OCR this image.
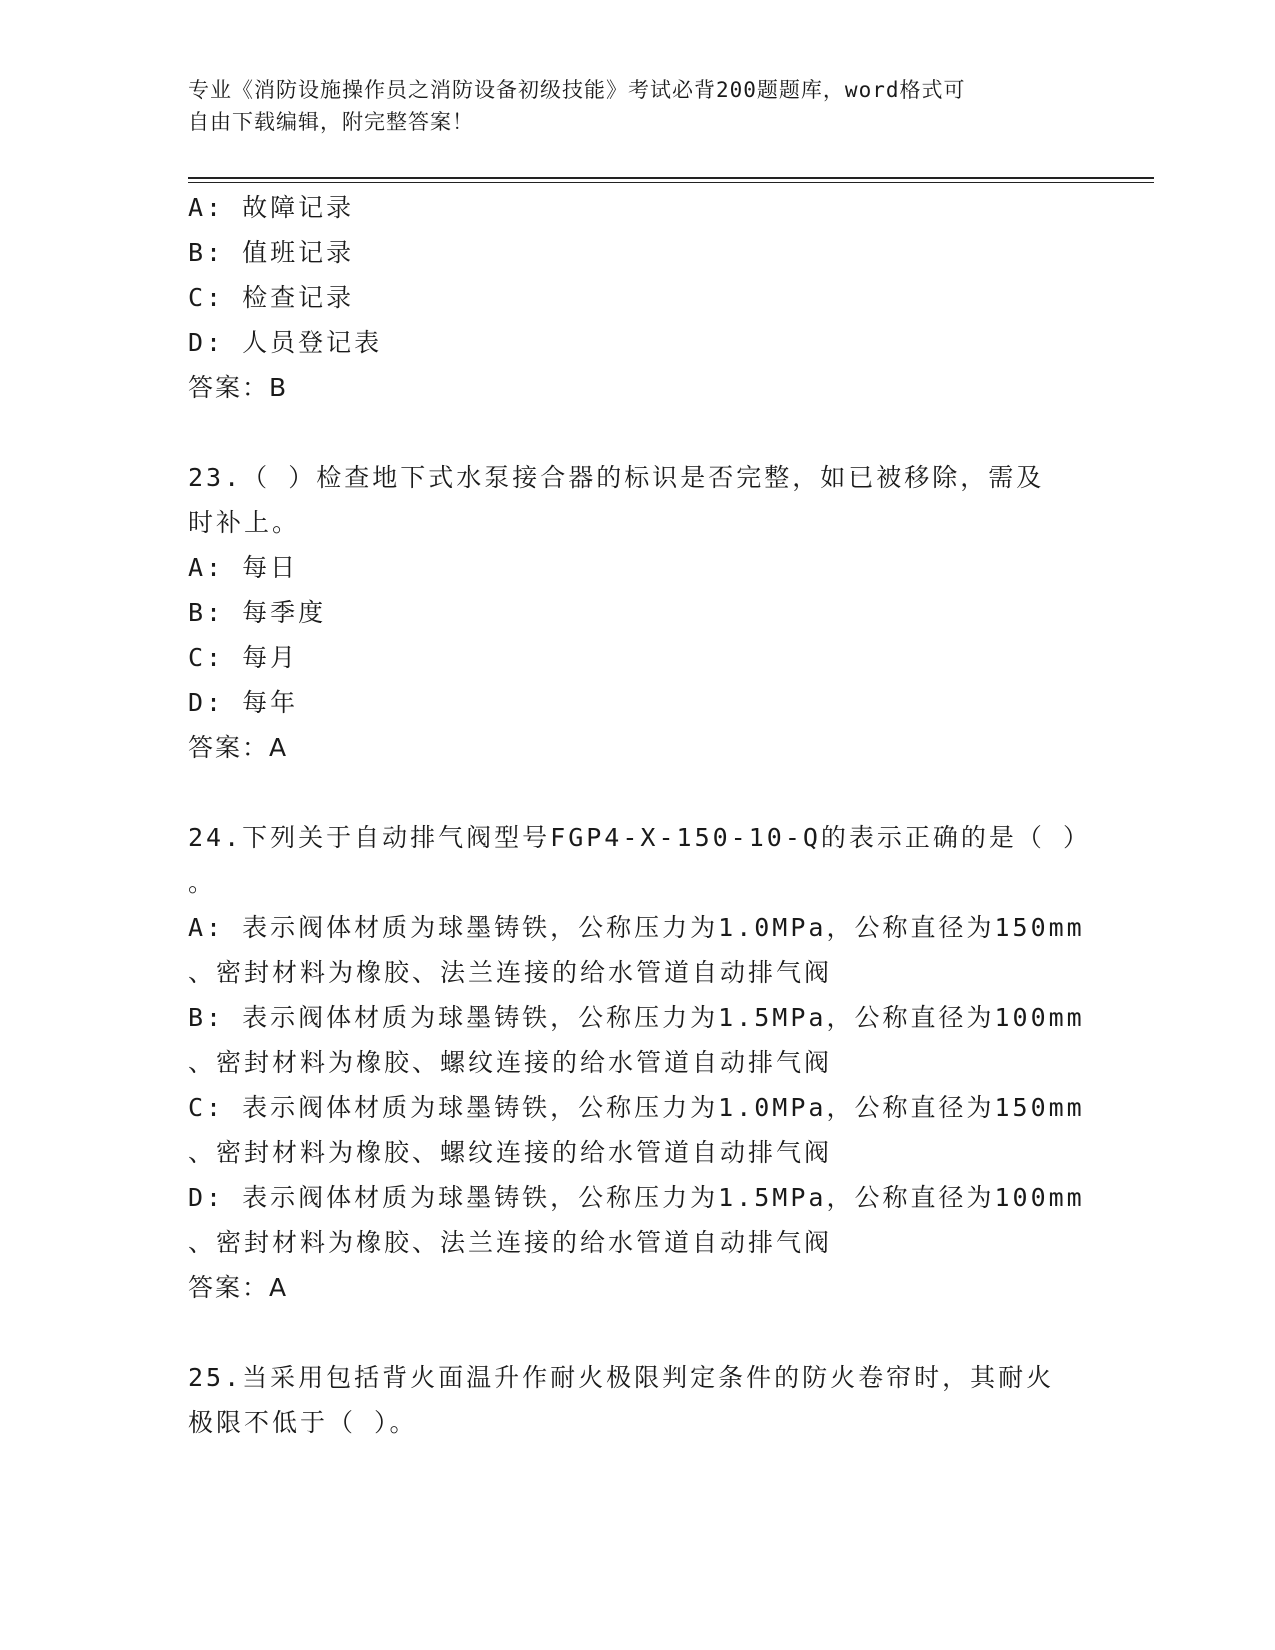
专业《消防设施操作员之消防设备初级技能》考试必背200题题库，word格式可
自由下载编辑，附完整答案！
A: 故障记录
B: 值班记录
C: 检查记录
D: 人员登记表
答案：B
23.（ ）检查地下式水泵接合器的标识是否完整，如已被移除，需及
时补上。
A: 每日
B: 每季度
C: 每月
D: 每年
答案：A
24.下列关于自动排气阀型号FGP4-X-150-10-Q的表示正确的是（ ）
。
A: 表示阀体材质为球墨铸铁，公称压力为1.0MPa，公称直径为150mm
、密封材料为橡胶、法兰连接的给水管道自动排气阀
B: 表示阀体材质为球墨铸铁，公称压力为1.5MPa，公称直径为100mm
、密封材料为橡胶、螺纹连接的给水管道自动排气阀
C: 表示阀体材质为球墨铸铁，公称压力为1.0MPa，公称直径为150mm
、密封材料为橡胶、螺纹连接的给水管道自动排气阀
D: 表示阀体材质为球墨铸铁，公称压力为1.5MPa，公称直径为100mm
、密封材料为橡胶、法兰连接的给水管道自动排气阀
答案：A
25.当采用包括背火面温升作耐火极限判定条件的防火卷帘时，其耐火
极限不低于（ ）。
